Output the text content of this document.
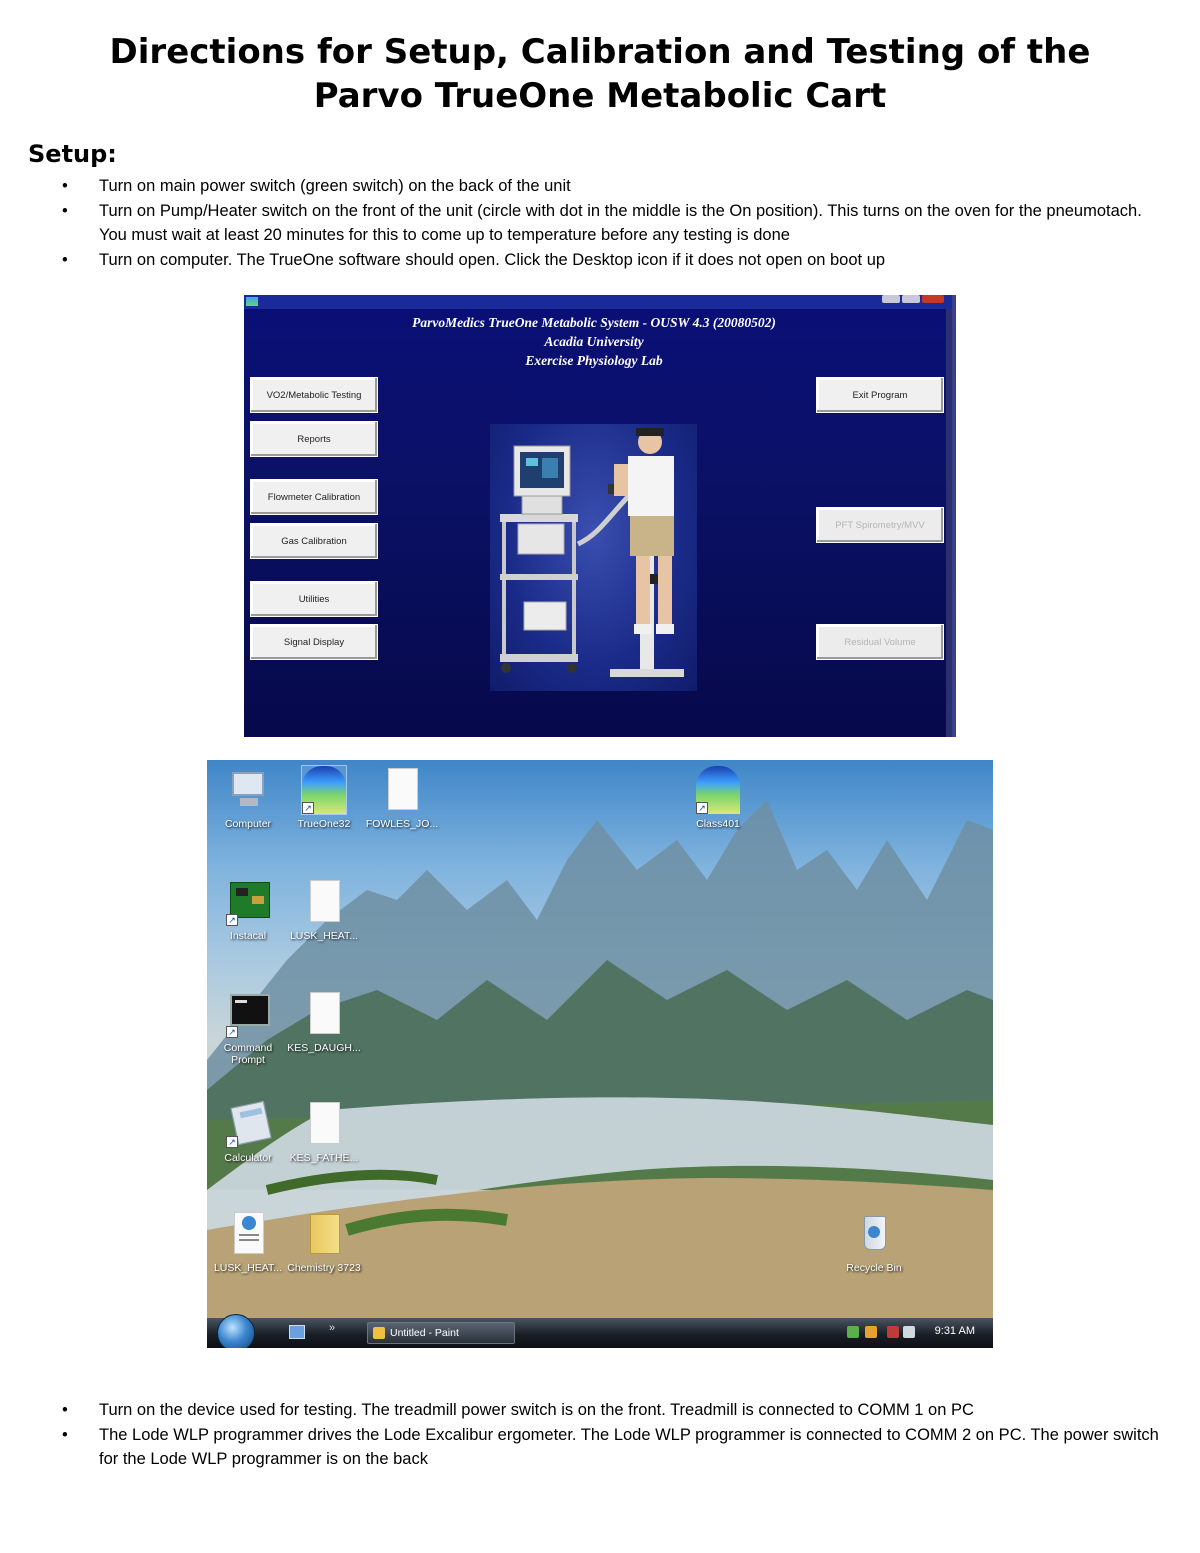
Directions for Setup, Calibration and Testing of the
Parvo TrueOne Metabolic Cart
Setup:
• Turn on main power switch (green switch) on the back of the unit
• Turn on Pump/Heater switch on the front of the unit (circle with dot in the middle is the On position). This turns on the oven for the pneumotach. You must wait at least 20 minutes for this to come up to temperature before any testing is done
• Turn on computer. The TrueOne software should open. Click the Desktop icon if it does not open on boot up
ParvoMedics TrueOne Metabolic System - OUSW 4.3 (20080502)
Acadia University
Exercise Physiology Lab
VO2/Metabolic Testing
Reports
Flowmeter Calibration
Gas Calibration
Utilities
Signal Display
Exit Program
PFT Spirometry/MVV
Residual Volume
Computer
↗
TrueOne32	FOWLES_JO...
↗
Class401
↗
Instacal	LUSK_HEAT...
↗
Command Prompt
KES_DAUGH...
↗
Calculator	KES_FATHE...
LUSK_HEAT... Chemistry 3723	Recycle Bin
»	Untitled - Paint	9:31 AM
• Turn on the device used for testing. The treadmill power switch is on the front. Treadmill is connected to COMM 1 on PC
• The Lode WLP programmer drives the Lode Excalibur ergometer. The Lode WLP programmer is connected to COMM 2 on PC. The power switch for the Lode WLP programmer is on the back
